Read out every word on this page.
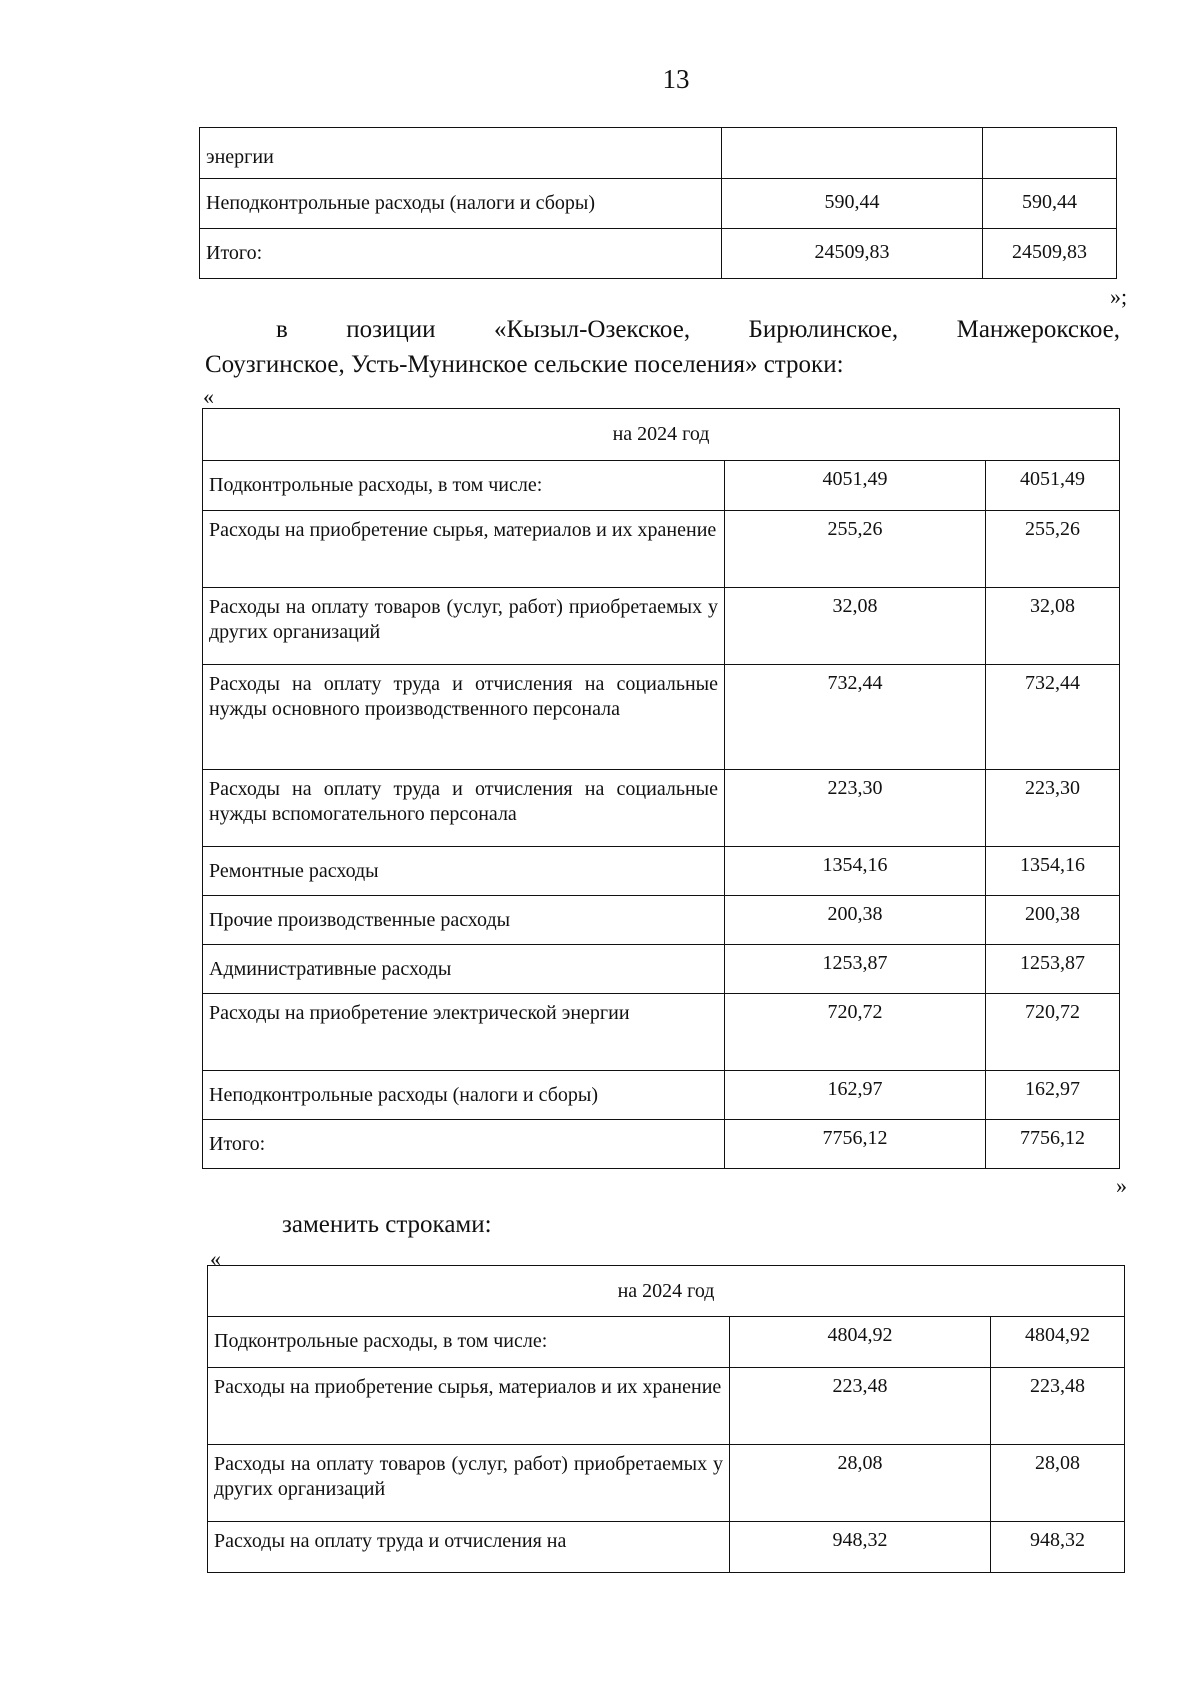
13
энергии		
Неподконтрольные расходы (налоги и сборы)	590,44	590,44
Итого:	24509,83	24509,83
»;
в позиции «Кызыл-Озекское, Бирюлинское, Манжерокское,
Соузгинское, Усть-Мунинское сельские поселения» строки:
«
на 2024 год		
Подконтрольные расходы, в том числе:	4051,49	4051,49
Расходы на приобретение сырья, материалов и их хранение	255,26	255,26
Расходы на оплату товаров (услуг, работ) приобретаемых у других организаций	32,08	32,08
Расходы на оплату труда и отчисления на социальные нужды основного производственного персонала	732,44	732,44
Расходы на оплату труда и отчисления на социальные нужды вспомогательного персонала	223,30	223,30
Ремонтные расходы	1354,16	1354,16
Прочие производственные расходы	200,38	200,38
Административные расходы	1253,87	1253,87
Расходы на приобретение электрической энергии	720,72	720,72
Неподконтрольные расходы (налоги и сборы)	162,97	162,97
Итого:	7756,12	7756,12
»
заменить строками:
«
на 2024 год		
Подконтрольные расходы, в том числе:	4804,92	4804,92
Расходы на приобретение сырья, материалов и их хранение	223,48	223,48
Расходы на оплату товаров (услуг, работ) приобретаемых у других организаций	28,08	28,08
Расходы на оплату труда и отчисления на	948,32	948,32
